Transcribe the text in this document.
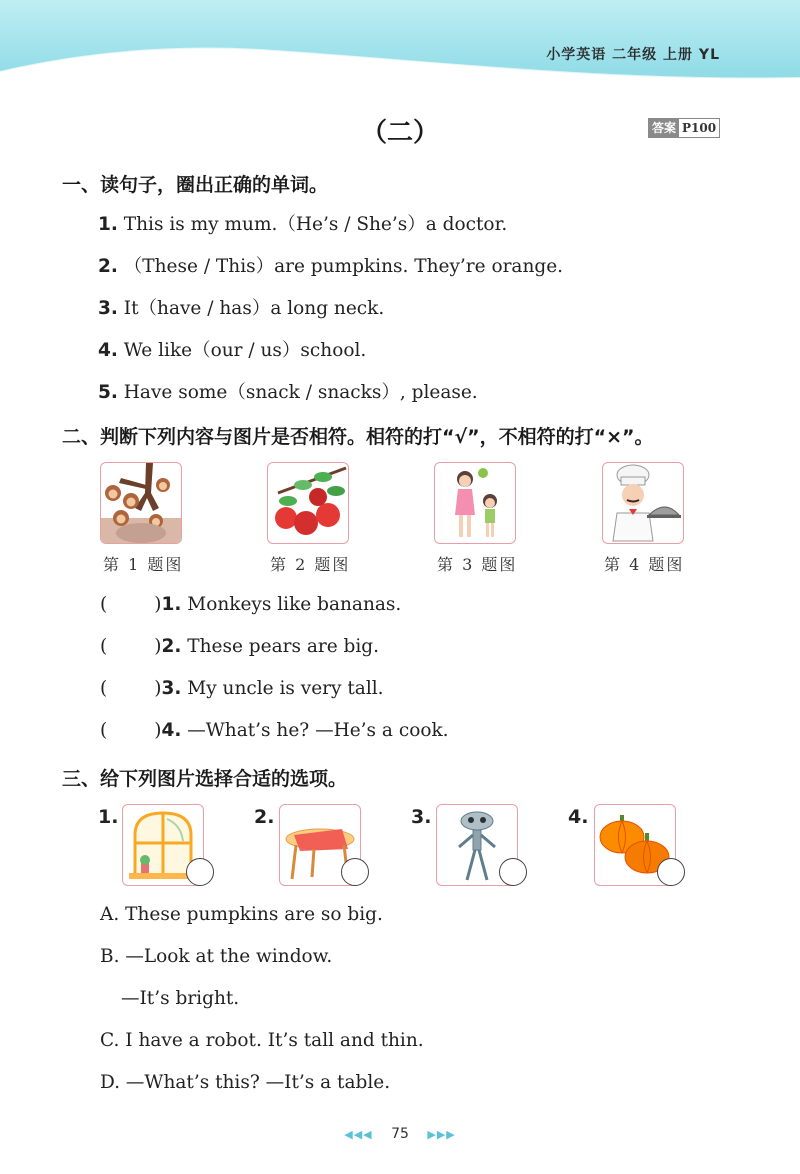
小学英语 二年级 上册 YL
（二）	答案 P100
一、读句子，圈出正确的单词。
1. This is my mum.（He’s / She’s）a doctor.
2. （These / This）are pumpkins. They’re orange.
3. It（have / has）a long neck.
4. We like（our / us）school.
5. Have some（snack / snacks）, please.
二、判断下列内容与图片是否相符。相符的打“√”，不相符的打“×”。
第 1 题图	第 2 题图	第 3 题图	第 4 题图
(        )1. Monkeys like bananas.
(        )2. These pears are big.
(        )3. My uncle is very tall.
(        )4. —What’s he? —He’s a cook.
三、给下列图片选择合适的选项。
1.	2.	3.	4.
A. These pumpkins are so big.
B. —Look at the window.
—It’s bright.
C. I have a robot. It’s tall and thin.
D. —What’s this? —It’s a table.
◀◀◀ 75 ▶▶▶
